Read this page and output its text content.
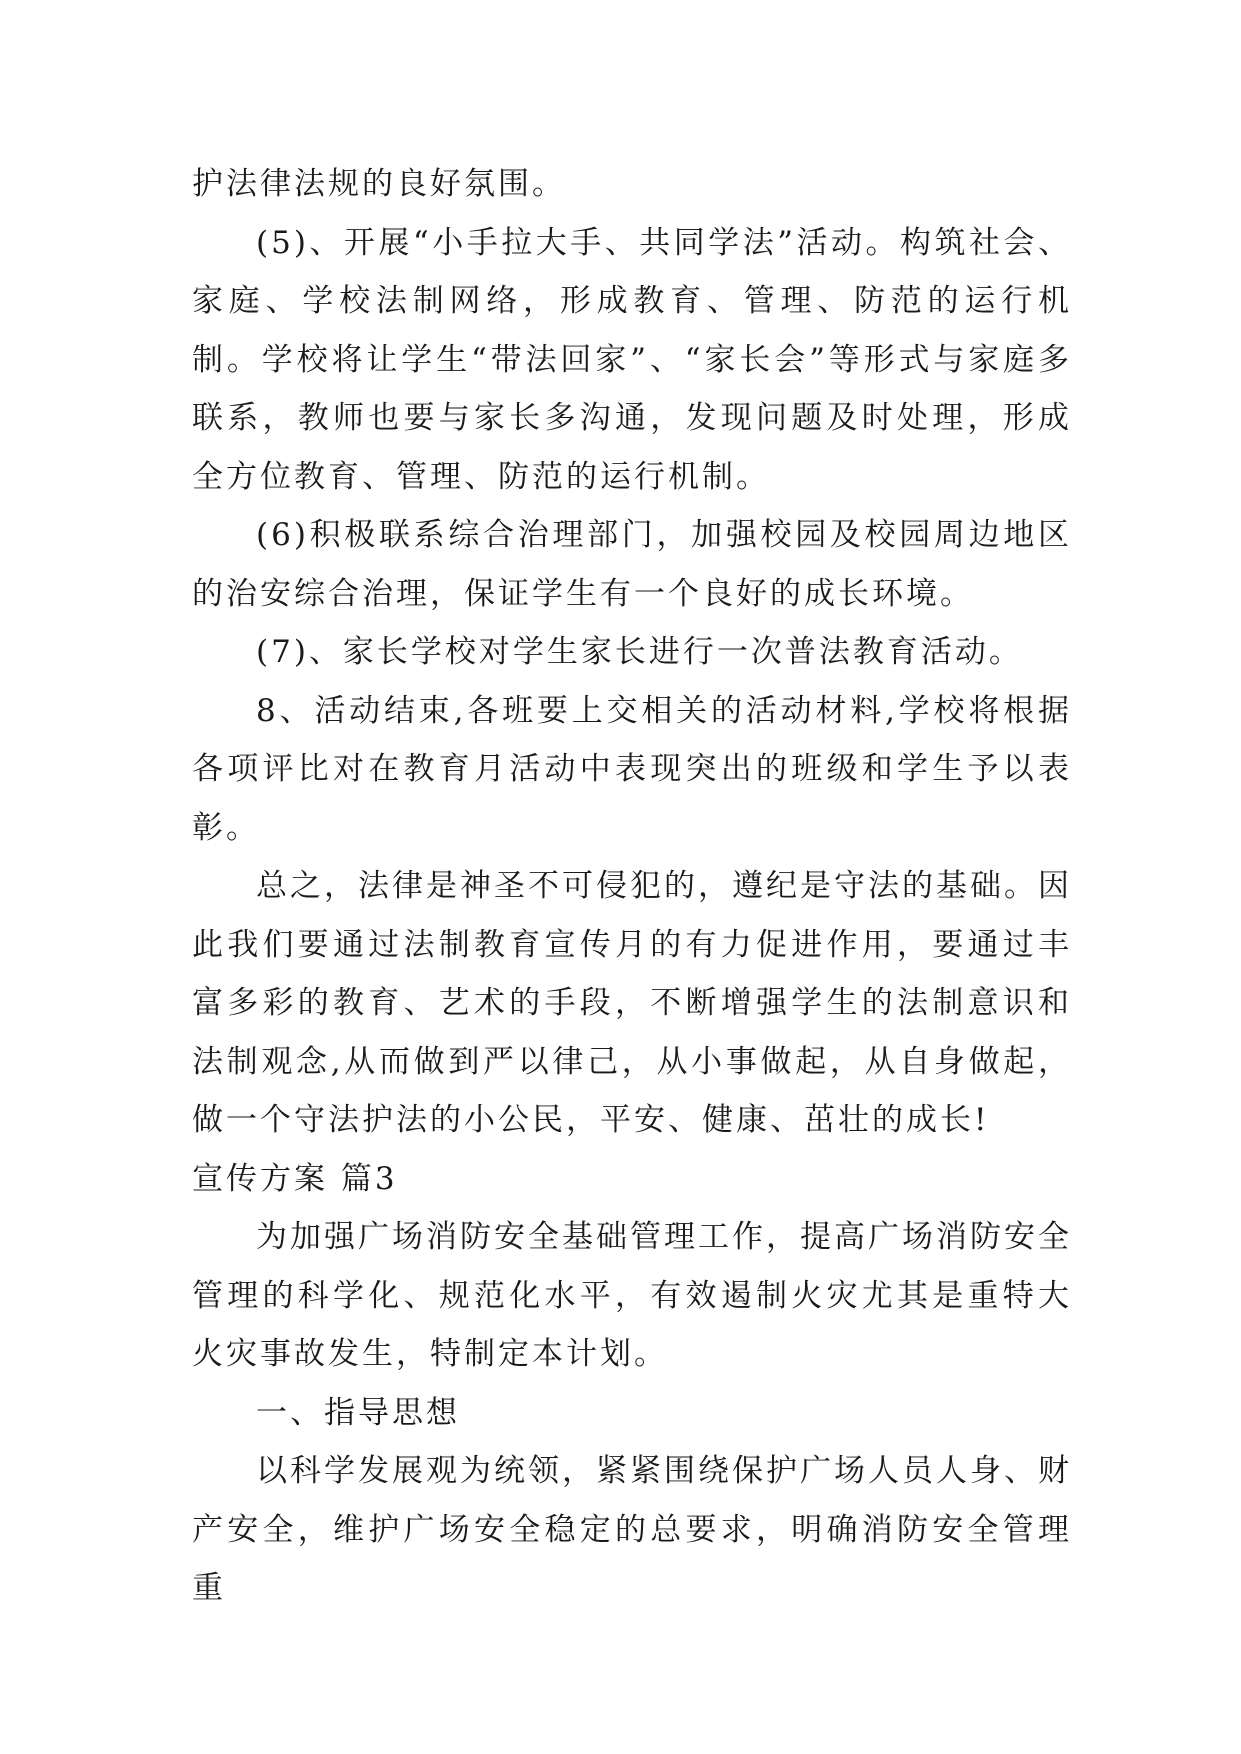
护法律法规的良好氛围。

(5)、开展“小手拉大手、共同学法”活动。构筑社会、家庭、学校法制网络，形成教育、管理、防范的运行机制。学校将让学生“带法回家”、“家长会”等形式与家庭多联系，教师也要与家长多沟通，发现问题及时处理，形成全方位教育、管理、防范的运行机制。

(6)积极联系综合治理部门，加强校园及校园周边地区的治安综合治理，保证学生有一个良好的成长环境。

(7)、家长学校对学生家长进行一次普法教育活动。

8、活动结束,各班要上交相关的活动材料,学校将根据各项评比对在教育月活动中表现突出的班级和学生予以表彰。

总之，法律是神圣不可侵犯的，遵纪是守法的基础。因此我们要通过法制教育宣传月的有力促进作用，要通过丰富多彩的教育、艺术的手段，不断增强学生的法制意识和法制观念,从而做到严以律己，从小事做起，从自身做起，做一个守法护法的小公民，平安、健康、茁壮的成长!

宣传方案 篇3

为加强广场消防安全基础管理工作，提高广场消防安全管理的科学化、规范化水平，有效遏制火灾尤其是重特大火灾事故发生，特制定本计划。

一、指导思想

以科学发展观为统领，紧紧围绕保护广场人员人身、财产安全，维护广场安全稳定的总要求，明确消防安全管理重
